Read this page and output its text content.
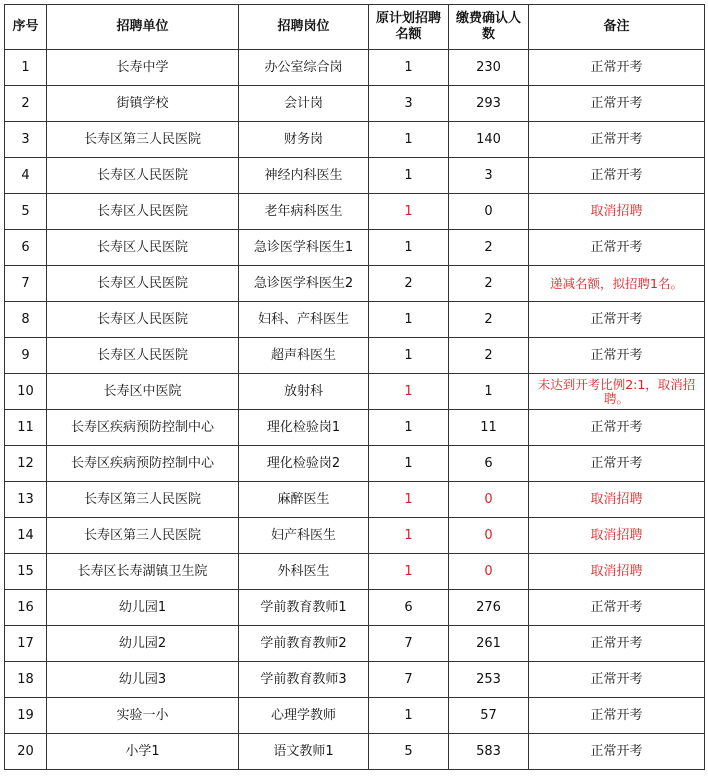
序号	招聘单位	招聘岗位	原计划招聘名额	缴费确认人数	备注
1	长寿中学	办公室综合岗	1	230	正常开考
2	街镇学校	会计岗	3	293	正常开考
3	长寿区第三人民医院	财务岗	1	140	正常开考
4	长寿区人民医院	神经内科医生	1	3	正常开考
5	长寿区人民医院	老年病科医生	1	0	取消招聘
6	长寿区人民医院	急诊医学科医生1	1	2	正常开考
7	长寿区人民医院	急诊医学科医生2	2	2	递减名额，拟招聘1名。
8	长寿区人民医院	妇科、产科医生	1	2	正常开考
9	长寿区人民医院	超声科医生	1	2	正常开考
10	长寿区中医院	放射科	1	1	未达到开考比例2:1，取消招聘。
11	长寿区疾病预防控制中心	理化检验岗1	1	11	正常开考
12	长寿区疾病预防控制中心	理化检验岗2	1	6	正常开考
13	长寿区第三人民医院	麻醉医生	1	0	取消招聘
14	长寿区第三人民医院	妇产科医生	1	0	取消招聘
15	长寿区长寿湖镇卫生院	外科医生	1	0	取消招聘
16	幼儿园1	学前教育教师1	6	276	正常开考
17	幼儿园2	学前教育教师2	7	261	正常开考
18	幼儿园3	学前教育教师3	7	253	正常开考
19	实验一小	心理学教师	1	57	正常开考
20	小学1	语文教师1	5	583	正常开考
